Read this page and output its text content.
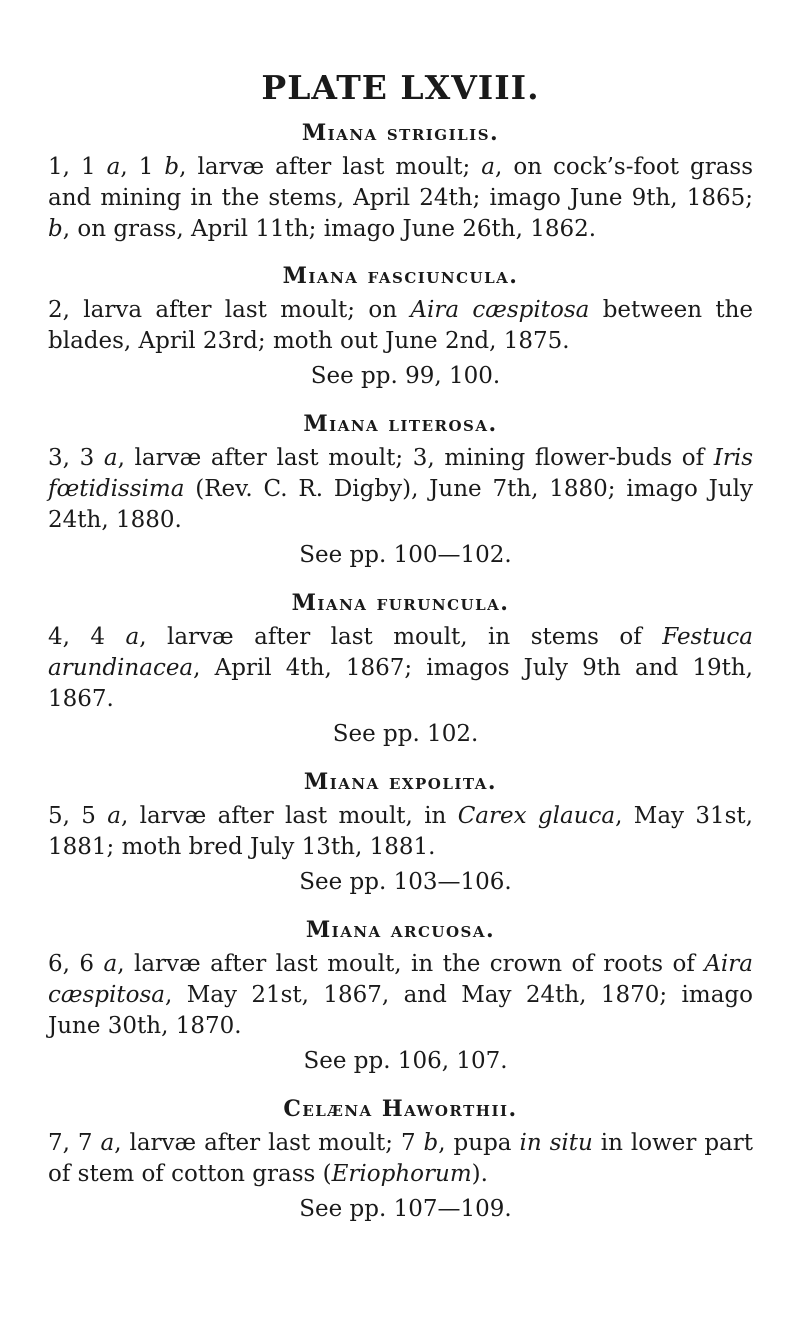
PLATE LXVIII.
Miana strigilis.

1, 1 a, 1 b, larvæ after last moult; a, on cock’s-foot grass and mining in the stems, April 24th; imago June 9th, 1865; b, on grass, April 11th; imago June 26th, 1862.

Miana fasciuncula.

2, larva after last moult; on Aira cæspitosa between the blades, April 23rd; moth out June 2nd, 1875.

See pp. 99, 100.

Miana literosa.

3, 3 a, larvæ after last moult; 3, mining flower-buds of Iris fœtidissima (Rev. C. R. Digby), June 7th, 1880; imago July 24th, 1880.

See pp. 100—102.

Miana furuncula.

4, 4 a, larvæ after last moult, in stems of Festuca arundinacea, April 4th, 1867; imagos July 9th and 19th, 1867.

See pp. 102.

Miana expolita.

5, 5 a, larvæ after last moult, in Carex glauca, May 31st, 1881; moth bred July 13th, 1881.

See pp. 103—106.

Miana arcuosa.

6, 6 a, larvæ after last moult, in the crown of roots of Aira cæspitosa, May 21st, 1867, and May 24th, 1870; imago June 30th, 1870.

See pp. 106, 107.

Celæna Haworthii.

7, 7 a, larvæ after last moult; 7 b, pupa in situ in lower part of stem of cotton grass (Eriophorum).

See pp. 107—109.
